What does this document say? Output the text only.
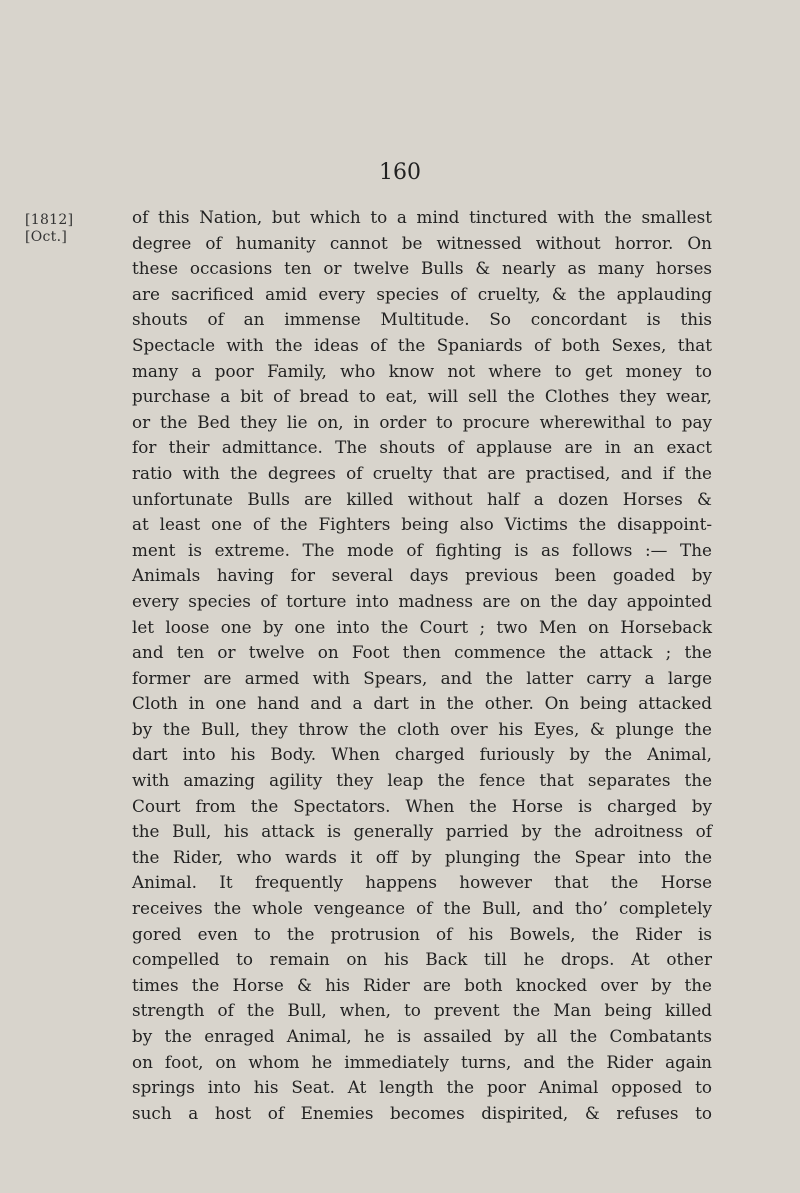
160
[1812]
[Oct.]
of this Nation, but which to a mind tinctured with the smallest
degree of humanity cannot be witnessed without horror. On
these occasions ten or twelve Bulls & nearly as many horses
are sacrificed amid every species of cruelty, & the applauding
shouts of an immense Multitude. So concordant is this
Spectacle with the ideas of the Spaniards of both Sexes, that
many a poor Family, who know not where to get money to
purchase a bit of bread to eat, will sell the Clothes they wear,
or the Bed they lie on, in order to procure wherewithal to pay
for their admittance. The shouts of applause are in an exact
ratio with the degrees of cruelty that are practised, and if the
unfortunate Bulls are killed without half a dozen Horses &
at least one of the Fighters being also Victims the disappoint-
ment is extreme. The mode of fighting is as follows :— The
Animals having for several days previous been goaded by
every species of torture into madness are on the day appointed
let loose one by one into the Court ; two Men on Horseback
and ten or twelve on Foot then commence the attack ; the
former are armed with Spears, and the latter carry a large
Cloth in one hand and a dart in the other. On being attacked
by the Bull, they throw the cloth over his Eyes, & plunge the
dart into his Body. When charged furiously by the Animal,
with amazing agility they leap the fence that separates the
Court from the Spectators. When the Horse is charged by
the Bull, his attack is generally parried by the adroitness of
the Rider, who wards it off by plunging the Spear into the
Animal. It frequently happens however that the Horse
receives the whole vengeance of the Bull, and tho’ completely
gored even to the protrusion of his Bowels, the Rider is
compelled to remain on his Back till he drops. At other
times the Horse & his Rider are both knocked over by the
strength of the Bull, when, to prevent the Man being killed
by the enraged Animal, he is assailed by all the Combatants
on foot, on whom he immediately turns, and the Rider again
springs into his Seat. At length the poor Animal opposed to
such a host of Enemies becomes dispirited, & refuses to
